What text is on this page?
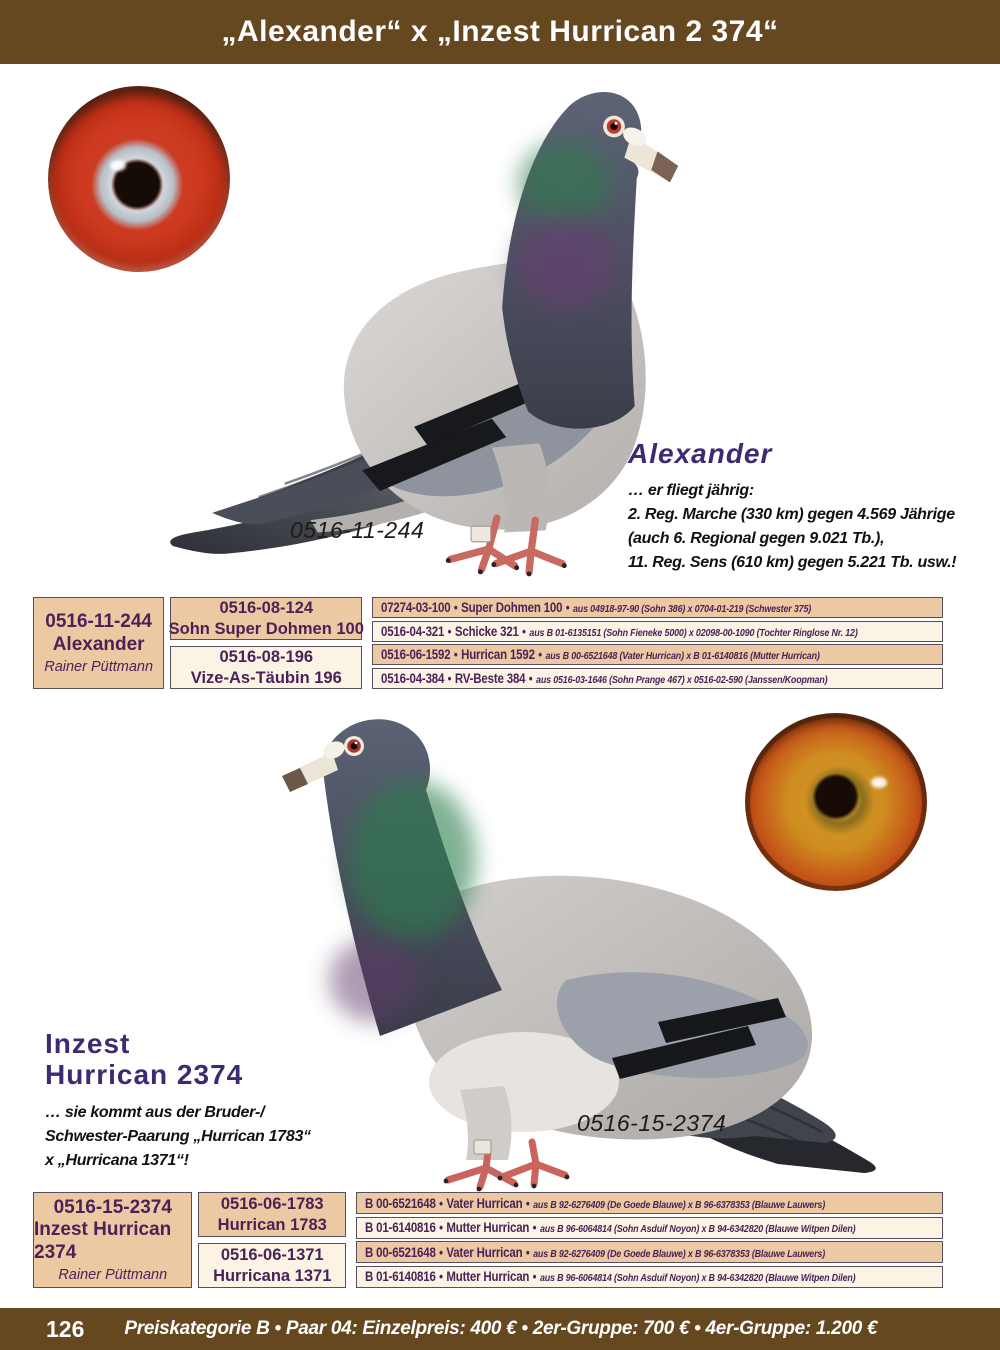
„Alexander“ x „Inzest Hurrican 2 374“
0516-11-244
Alexander
… er fliegt jährig:
2. Reg. Marche (330 km) gegen 4.569 Jährige
(auch 6. Regional gegen 9.021 Tb.),
11. Reg. Sens (610 km) gegen 5.221 Tb. usw.!
0516-11-244
Alexander
Rainer Püttmann
0516-08-124
Sohn Super Dohmen 100
0516-08-196
Vize-As-Täubin 196
07274-03-100 • Super Dohmen 100 • aus 04918-97-90 (Sohn 386) x 0704-01-219 (Schwester 375)
0516-04-321 • Schicke 321 • aus B 01-6135151 (Sohn Fieneke 5000) x 02098-00-1090 (Tochter Ringlose Nr. 12)
0516-06-1592 • Hurrican 1592 • aus B 00-6521648 (Vater Hurrican) x B 01-6140816 (Mutter Hurrican)
0516-04-384 • RV-Beste 384 • aus 0516-03-1646 (Sohn Prange 467) x 0516-02-590 (Janssen/Koopman)
0516-15-2374
Inzest
Hurrican 2374
… sie kommt aus der Bruder-/
Schwester-Paarung „Hurrican 1783“
x „Hurricana 1371“!
0516-15-2374
Inzest Hurrican 2374
Rainer Püttmann
0516-06-1783
Hurrican 1783
0516-06-1371
Hurricana 1371
B 00-6521648 • Vater Hurrican • aus B 92-6276409 (De Goede Blauwe) x B 96-6378353 (Blauwe Lauwers)
B 01-6140816 • Mutter Hurrican • aus B 96-6064814 (Sohn Asduif Noyon) x B 94-6342820 (Blauwe Witpen Dilen)
B 00-6521648 • Vater Hurrican • aus B 92-6276409 (De Goede Blauwe) x B 96-6378353 (Blauwe Lauwers)
B 01-6140816 • Mutter Hurrican • aus B 96-6064814 (Sohn Asduif Noyon) x B 94-6342820 (Blauwe Witpen Dilen)
126 Preiskategorie B • Paar 04: Einzelpreis: 400 € • 2er-Gruppe: 700 € • 4er-Gruppe: 1.200 €
